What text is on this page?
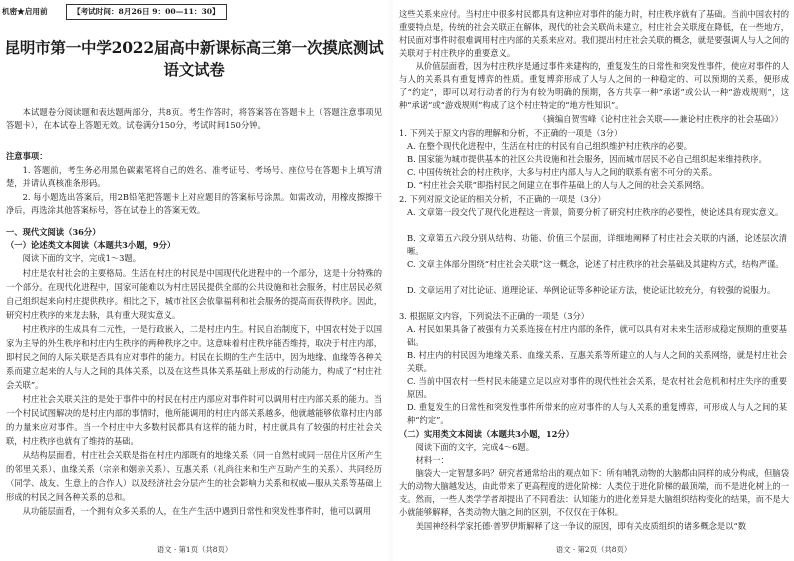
机密★启用前	【考试时间：8月26日 9：00—11：30】
昆明市第一中学2022届高中新课标高三第一次摸底测试
语文试卷
本试题卷分阅读题和表达题两部分，共8页。考生作答时，将答案答在答题卡上（答题注意事项见答题卡），在本试卷上答题无效。试卷满分150分，考试时间150分钟。
注意事项：
1. 答题前，考生务必用黑色碳素笔将自己的姓名、准考证号、考场号、座位号在答题卡上填写清楚，并请认真核准条形码。
2. 每小题选出答案后，用2B铅笔把答题卡上对应题目的答案标号涂黑。如需改动，用橡皮擦擦干净后，再选涂其他答案标号，答在试卷上的答案无效。
一、现代文阅读（36分）
（一）论述类文本阅读（本题共3小题，9分）
阅读下面的文字，完成1～3题。

村庄是农村社会的主要格局。生活在村庄的村民是中国现代化进程中的一个部分，这是十分特殊的一个部分。在现代化进程中，国家可能难以为村庄居民提供全部的公共设施和社会服务，村庄居民必须自己组织起来向村庄提供秩序。相比之下，城市社区会依靠福利和社会服务的提高而获得秩序。因此，研究村庄秩序的来龙去脉，具有重大现实意义。

村庄秩序的生成具有二元性，一是行政嵌入，二是村庄内生。村民自治制度下，中国农村处于以国家为主导的外生秩序和村庄内生秩序的两种秩序之中。这意味着村庄秩序能否维持，取决于村庄内部，即村民之间的人际关联是否具有应对事件的能力。村民在长期的生产生活中，因为地缘、血缘等各种关系而建立起来的人与人之间的具体关系，以及在这些具体关系基础上形成的行动能力，构成了“村庄社会关联”。

村庄社会关联关注的是处于事件中的村民在村庄内部应对事件时可以调用村庄内部关系的能力。当一个村民试图解决的是村庄内部的事情时，他所能调用的村庄内部关系越多，他就越能够依靠村庄内部的力量来应对事件。当一个村庄中大多数村民都具有这样的能力时，村庄就具有了较强的村庄社会关联，村庄秩序也就有了维持的基础。

从结构层面看，村庄社会关联是指在村庄内部既有的地缘关系（同一自然村或同一居住片区所产生的邻里关系）、血缘关系（宗亲和姻亲关系）、互惠关系（礼尚往来和生产互助产生的关系）、共同经历（同学、战友、生意上的合作人）以及经济社会分层产生的社会影响力关系和权威—服从关系等基础上形成的村民之间各种关系的总和。

从功能层面看，一个拥有众多关系的人，在生产生活中遇到日常性和突发性事件时，他可以调用

语文 · 第1页（共8页）
这些关系来应付。当村庄中很多村民都具有这种应对事件的能力时，村庄秩序就有了基础。当前中国农村的重要特点是，传统的社会关联正在解体，现代的社会关联尚未建立，村庄社会关联度在降低，在一些地方，村民面对事件时很难调用村庄内部的关系来应对。我们提出村庄社会关联的概念，就是要强调人与人之间的关联对于村庄秩序的重要意义。
从价值层面看，因为村庄秩序是通过事件来建构的，重复发生的日常性和突发性事件，使应对事件的人与人的关系具有重复博弈的性质。重复博弈形成了人与人之间的一种稳定的、可以预期的关系，便形成了“约定”，即可以对行动者的行为有较为明确的预期，各方共享一种“承诺”或公认一种“游戏规则”，这种“承诺”或“游戏规则”构成了这个村庄特定的“地方性知识”。
（摘编自贺雪峰《论村庄社会关联——兼论村庄秩序的社会基础》）
1. 下列关于原文内容的理解和分析，不正确的一项是（3分）
A. 在整个现代化进程中，生活在村庄的村民有自己组织维护村庄秩序的必要。
B. 国家能为城市提供基本的社区公共设施和社会服务，因而城市居民不必自己组织起来维持秩序。
C. 中国传统社会的村庄秩序，大多与村庄内部人与人之间的联系有密不可分的关系。
D. “村庄社会关联”即指村民之间建立在事件基础上的人与人之间的社会关系网络。
2. 下列对原文论证的相关分析，不正确的一项是（3分）
A. 文章第一段交代了现代化进程这一背景，简要分析了研究村庄秩序的必要性，使论述具有现实意义。
B. 文章第五六段分别从结构、功能、价值三个层面，详细地阐释了村庄社会关联的内涵，论述层次清晰。
C. 文章主体部分围绕“村庄社会关联”这一概念，论述了村庄秩序的社会基础及其建构方式，结构严谨。
D. 文章运用了对比论证、道理论证、举例论证等多种论证方法，使论证比较充分，有较强的说服力。
3. 根据原文内容，下列说法不正确的一项是（3分）
A. 村民如果具备了被强有力关系连接在村庄内部的条件，就可以具有对未来生活形成稳定预期的重要基础。
B. 村庄内的村民因为地缘关系、血缘关系、互惠关系等所建立的人与人之间的关系网络，就是村庄社会关联。
C. 当前中国农村一些村民未能建立足以应对事件的现代性社会关系，是农村社会危机和村庄失序的重要原因。
D. 重复发生的日常性和突发性事件所带来的应对事件的人与人关系的重复博弈，可形成人与人之间的某种“约定”。
（二）实用类文本阅读（本题共3小题，12分）
阅读下面的文字，完成4～6题。
材料一：
脑袋大一定智慧多吗？研究者通常给出的观点如下：所有哺乳动物的大脑都由同样的成分构成，但脑袋大的动物大脑越发达，由此带来了更高程度的进化阶梯：人类位于进化阶梯的最顶端，而不是进化树上的一支。然而，一些人类学学者却提出了不同看法：认知能力的进化差异是大脑组织结构变化的结果，而不是大小就能够解释，各类动物大脑之间的区别，不仅仅在于体积。
美国神经科学家托德·普罗伊斯解释了这一争议的原因，即有关皮质组织的诸多概念是以“数
语文 · 第2页（共8页）
